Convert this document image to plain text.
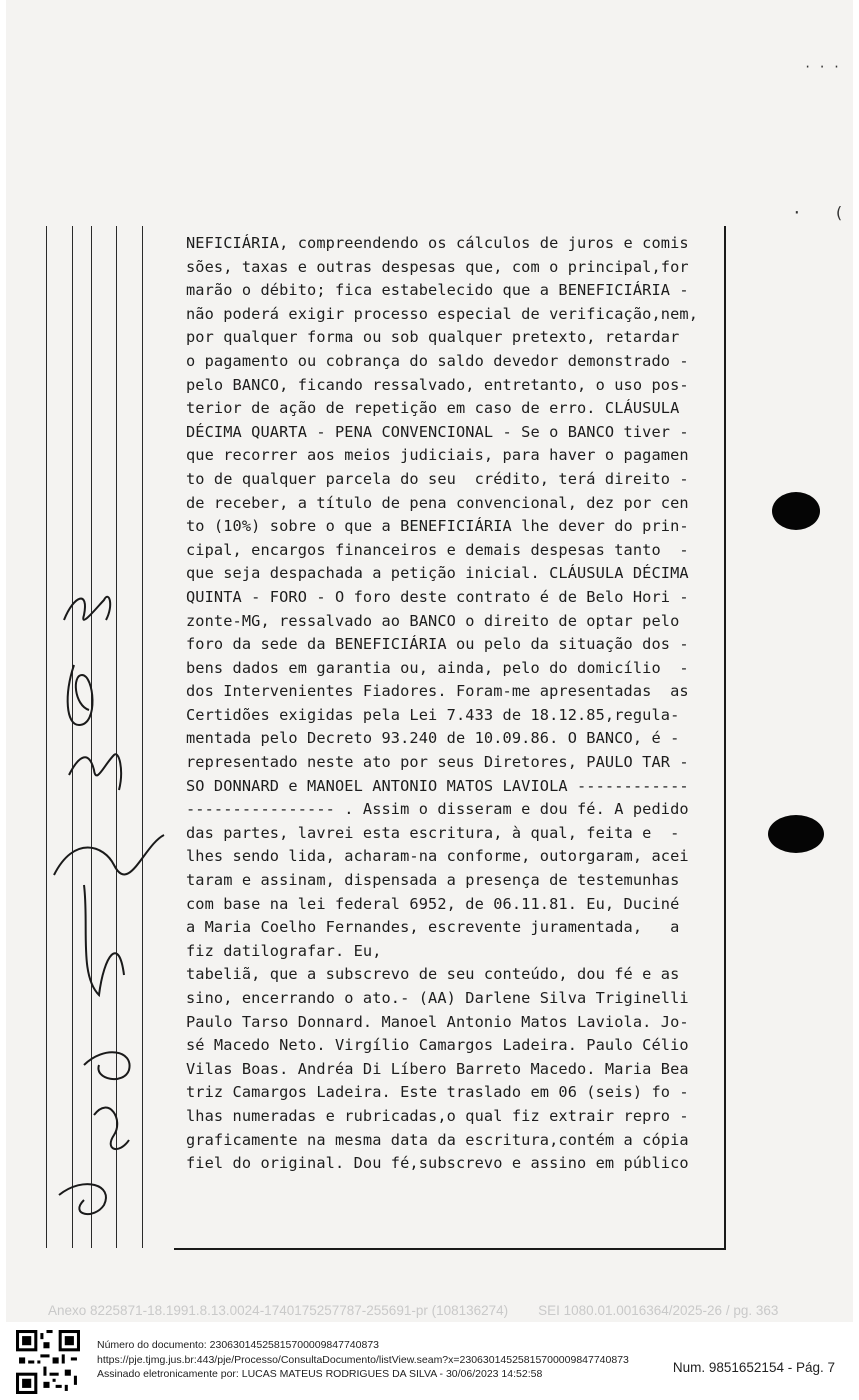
· (
· · ·
NEFICIÁRIA, compreendendo os cálculos de juros e comis
sões, taxas e outras despesas que, com o principal,for
marão o débito; fica estabelecido que a BENEFICIÁRIA -
não poderá exigir processo especial de verificação,nem,
por qualquer forma ou sob qualquer pretexto, retardar
o pagamento ou cobrança do saldo devedor demonstrado -
pelo BANCO, ficando ressalvado, entretanto, o uso pos-
terior de ação de repetição em caso de erro. CLÁUSULA
DÉCIMA QUARTA - PENA CONVENCIONAL - Se o BANCO tiver -
que recorrer aos meios judiciais, para haver o pagamen
to de qualquer parcela do seu  crédito, terá direito -
de receber, a título de pena convencional, dez por cen
to (10%) sobre o que a BENEFICIÁRIA lhe dever do prin-
cipal, encargos financeiros e demais despesas tanto  -
que seja despachada a petição inicial. CLÁUSULA DÉCIMA
QUINTA - FORO - O foro deste contrato é de Belo Hori -
zonte-MG, ressalvado ao BANCO o direito de optar pelo
foro da sede da BENEFICIÁRIA ou pelo da situação dos -
bens dados em garantia ou, ainda, pelo do domicílio  -
dos Intervenientes Fiadores. Foram-me apresentadas  as
Certidões exigidas pela Lei 7.433 de 18.12.85,regula-
mentada pelo Decreto 93.240 de 10.09.86. O BANCO, é -
representado neste ato por seus Diretores, PAULO TAR -
SO DONNARD e MANOEL ANTONIO MATOS LAVIOLA ------------
---------------- . Assim o disseram e dou fé. A pedido
das partes, lavrei esta escritura, à qual, feita e  -
lhes sendo lida, acharam-na conforme, outorgaram, acei
taram e assinam, dispensada a presença de testemunhas
com base na lei federal 6952, de 06.11.81. Eu, Duciné
a Maria Coelho Fernandes, escrevente juramentada,   a
fiz datilografar. Eu,
tabeliã, que a subscrevo de seu conteúdo, dou fé e as
sino, encerrando o ato.- (AA) Darlene Silva Triginelli
Paulo Tarso Donnard. Manoel Antonio Matos Laviola. Jo-
sé Macedo Neto. Virgílio Camargos Ladeira. Paulo Célio
Vilas Boas. Andréa Di Líbero Barreto Macedo. Maria Bea
triz Camargos Ladeira. Este traslado em 06 (seis) fo -
lhas numeradas e rubricadas,o qual fiz extrair repro -
graficamente na mesma data da escritura,contém a cópia
fiel do original. Dou fé,subscrevo e assino em público
Anexo 8225871-18.1991.8.13.0024-1740175257787-255691-pr (108136274)        SEI 1080.01.0016364/2025-26 / pg. 363
Número do documento: 23063014525815700009847740873
https://pje.tjmg.jus.br:443/pje/Processo/ConsultaDocumento/listView.seam?x=23063014525815700009847740873
Assinado eletronicamente por: LUCAS MATEUS RODRIGUES DA SILVA - 30/06/2023 14:52:58	Num. 9851652154 - Pág. 7
